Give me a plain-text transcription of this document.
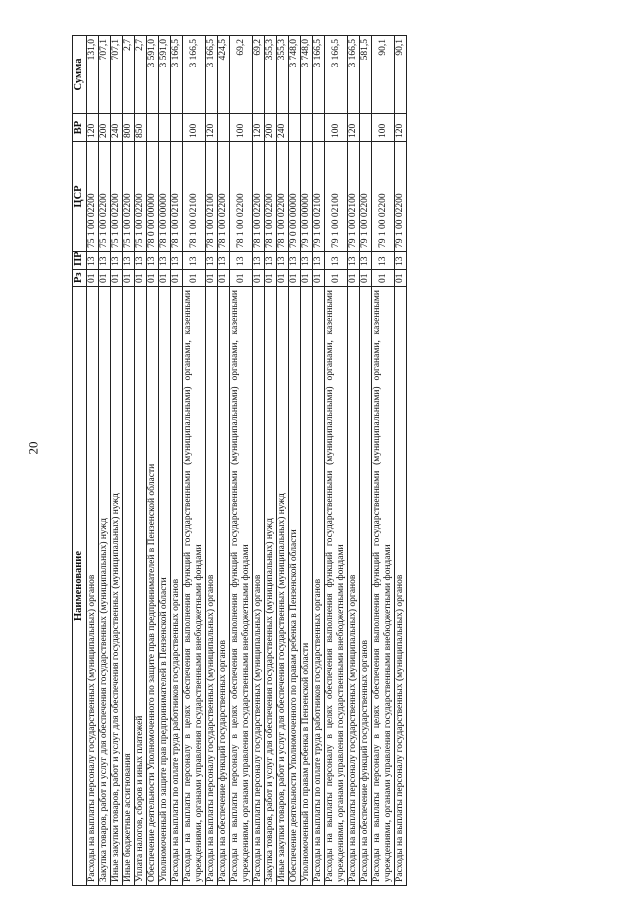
20
Наименование	Рз	ПР	ЦСР	ВР	Сумма
Расходы на выплаты персоналу государственных (муниципальных) органов	01	13	75 1 00 02200	120	131,0
Закупка товаров, работ и услуг для обеспечения государственных (муниципальных) нужд	01	13	75 1 00 02200	200	707,1
Иные закупки товаров, работ и услуг для обеспечения государственных (муниципальных) нужд	01	13	75 1 00 02200	240	707,1
Иные бюджетные ассигнования	01	13	75 1 00 02200	800	2,7
Уплата налогов, сборов и иных платежей	01	13	75 1 00 02200	850	2,7
Обеспечение деятельности Уполномоченного по защите прав предпринимателей в Пензенской области	01	13	78 0 00 00000		3 591,0
Уполномоченный по защите прав предпринимателей в Пензенской области	01	13	78 1 00 00000		3 591,0
Расходы на выплаты по оплате труда работников государственных органов	01	13	78 1 00 02100		3 166,5
Расходы на выплаты персоналу в целях обеспечения выполнения функций государственными (муниципальными) органами, казенными учреждениями, органами управления государственными внебюджетными фондами	01	13	78 1 00 02100	100	3 166,5
Расходы на выплаты персоналу государственных (муниципальных) органов	01	13	78 1 00 02100	120	3 166,5
Расходы на обеспечение функций государственных органов	01	13	78 1 00 02200		424,5
Расходы на выплаты персоналу в целях обеспечения выполнения функций государственными (муниципальными) органами, казенными учреждениями, органами управления государственными внебюджетными фондами	01	13	78 1 00 02200	100	69,2
Расходы на выплаты персоналу государственных (муниципальных) органов	01	13	78 1 00 02200	120	69,2
Закупка товаров, работ и услуг для обеспечения государственных (муниципальных) нужд	01	13	78 1 00 02200	200	355,3
Иные закупки товаров, работ и услуг для обеспечения государственных (муниципальных) нужд	01	13	78 1 00 02200	240	355,3
Обеспечение деятельности Уполномоченного по правам ребенка в Пензенской области	01	13	79 0 00 00000		3 748,0
Уполномоченный по правам ребенка в Пензенской области	01	13	79 1 00 00000		3 748,0
Расходы на выплаты по оплате труда работников государственных органов	01	13	79 1 00 02100		3 166,5
Расходы на выплаты персоналу в целях обеспечения выполнения функций государственными (муниципальными) органами, казенными учреждениями, органами управления государственными внебюджетными фондами	01	13	79 1 00 02100	100	3 166,5
Расходы на выплаты персоналу государственных (муниципальных) органов	01	13	79 1 00 02100	120	3 166,5
Расходы на обеспечение функций государственных органов	01	13	79 1 00 02200		581,5
Расходы на выплаты персоналу в целях обеспечения выполнения функций государственными (муниципальными) органами, казенными учреждениями, органами управления государственными внебюджетными фондами	01	13	79 1 00 02200	100	90,1
Расходы на выплаты персоналу государственных (муниципальных) органов	01	13	79 1 00 02200	120	90,1
